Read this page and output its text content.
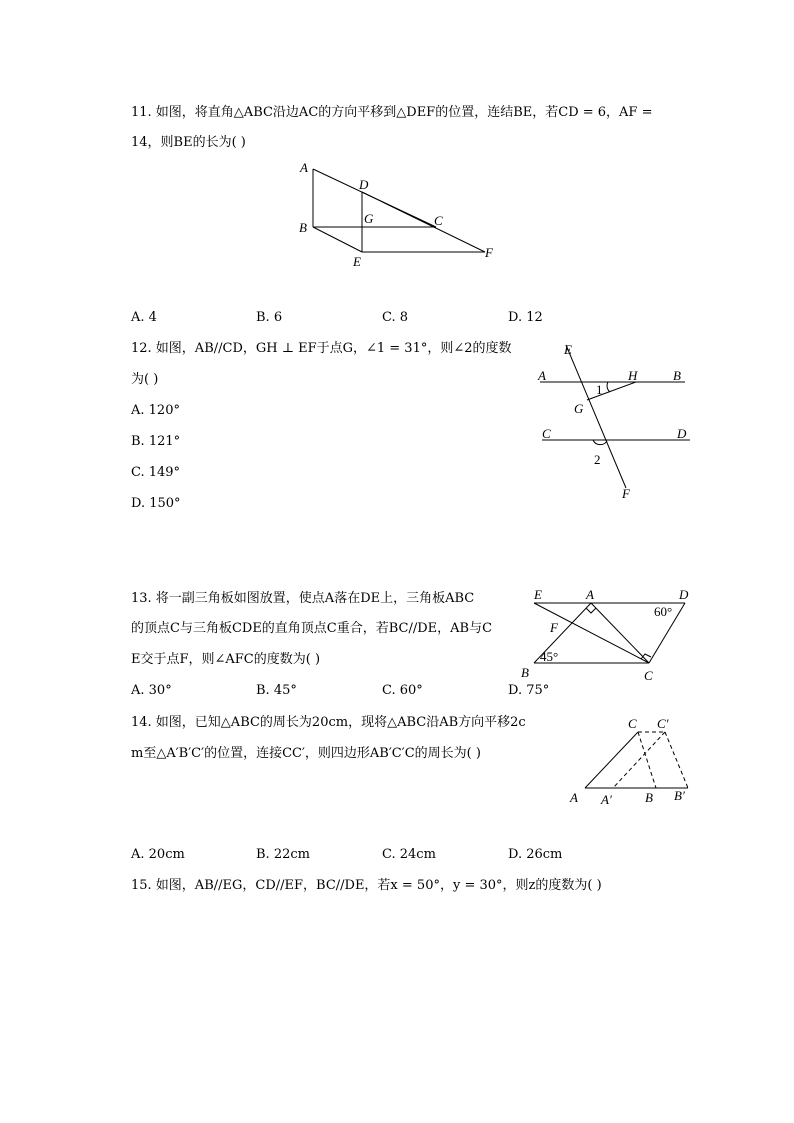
11. 如图，将直角△ABC沿边AC的方向平移到△DEF的位置，连结BE，若CD = 6，AF =
14，则BE的长为( )
A
B	C
D
E
F
G
A. 4	B. 6	C. 8	D. 12
12. 如图，AB//CD，GH ⊥ EF于点G，∠1 = 31°，则∠2的度数
为( )	A	B
C	D
E
F
G
H
1
2
A. 120°
B. 121°
C. 149°
D. 150°
13. 将一副三角板如图放置，使点A落在DE上，三角板ABC
的顶点C与三角板CDE的直角顶点C重合，若BC//DE，AB与C
E交于点F，则∠AFC的度数为( )
E	A	D
F
B	C
60°
45°
A. 30°	B. 45°	C. 60°	D. 75°
14. 如图，已知△ABC的周长为20cm，现将△ABC沿AB方向平移2c
m至△A′B′C′的位置，连接CC′，则四边形AB′C′C的周长为( )
A A′	B B′
C C′
A. 20cm	B. 22cm	C. 24cm	D. 26cm
15. 如图，AB//EG，CD//EF，BC//DE，若x = 50°，y = 30°，则z的度数为( )
